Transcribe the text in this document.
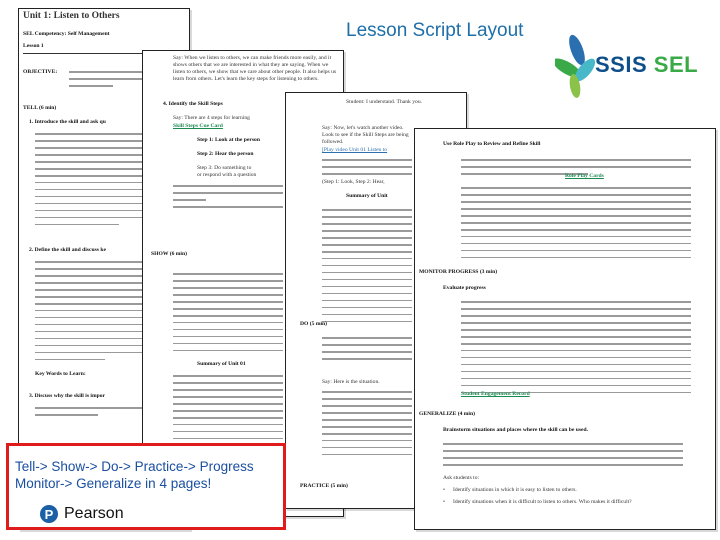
Unit 1: Listen to Others
SEL Competency: Self Management
Lesson 1
OBJECTIVE:
TELL (6 min)
1. Introduce the skill and ask qu
2. Define the skill and discuss ke
Key Words to Learn:
3. Discuss why the skill is impor
Say: When we listen to others, we can make friends more easily, and it shows others that we are interested in what they are saying. When we listen to others, we show that we care about other people. It also helps us learn from others. Let's learn the key steps for listening to others.
4. Identify the Skill Steps
Say: There are 4 steps for learning
Skill Steps Cue Card
Step 1: Look at the person
Step 2: Hear the person
Step 3: Do something to
or respond with a question
SHOW (6 min)
Summary of Unit 01
Student: I understand. Thank you.
Say: Now, let's watch another video. Look to see if the Skill Steps are being followed.
[Play video Unit 01 Listen to
(Step 1: Look, Step 2: Hear,
Summary of Unit
DO (5 min)
Say: Here is the situation.
PRACTICE (5 min)
Use Role Play to Review and Refine Skill
Role Play Cards
MONITOR PROGRESS (3 min)
Evaluate progress
Student Engagement Record
GENERALIZE (4 min)
Brainstorm situations and places where the skill can be used.
Ask students to:
• Identify situations in which it is easy to listen to others.
• Identify situations when it is difficult to listen to others. Who makes it difficult?
Lesson Script Layout
SSIS SEL
Tell-> Show-> Do-> Practice-> Progress
Monitor-> Generalize in 4 pages!
P Pearson
